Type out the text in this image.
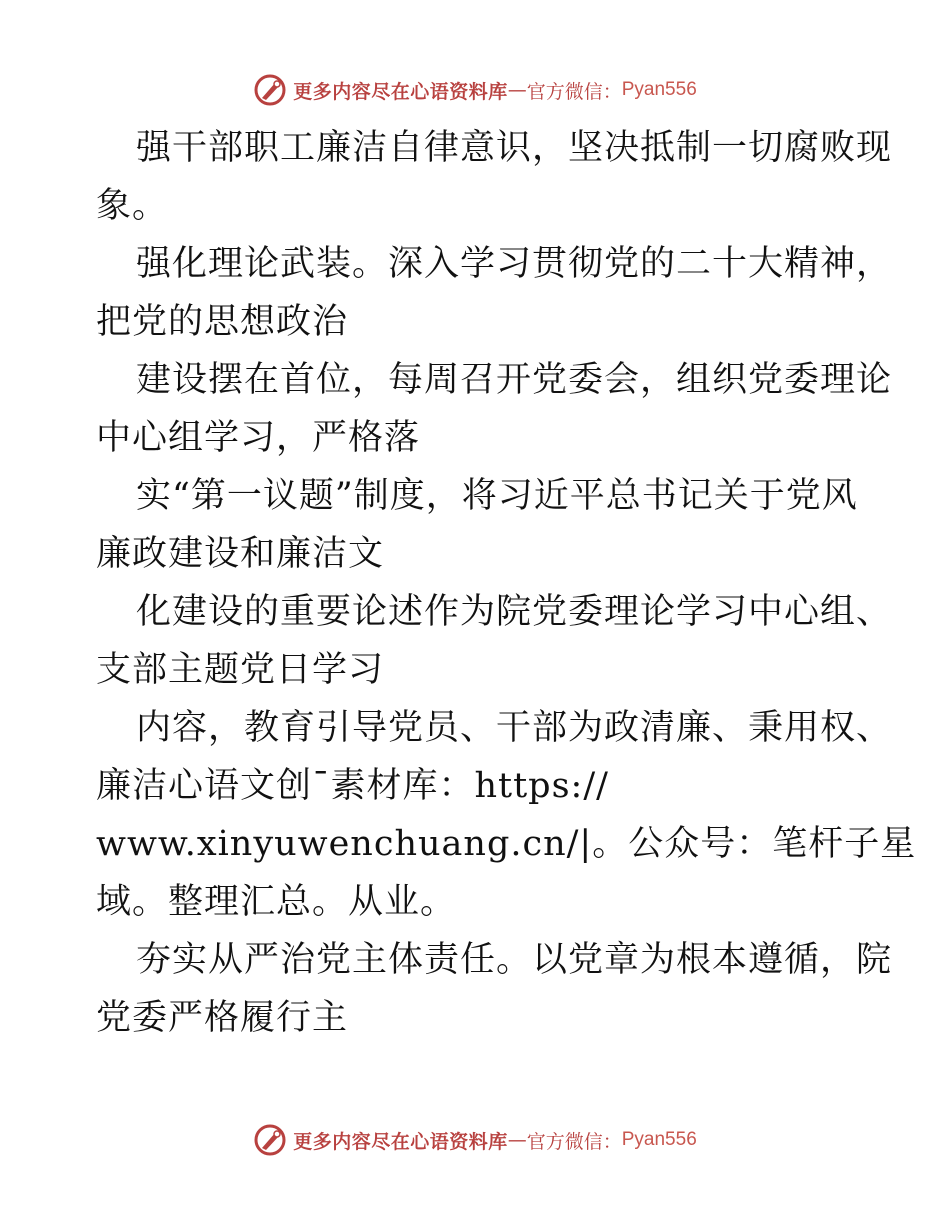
更多内容尽在心语资料库 — 官方微信： Pyan556
强干部职工廉洁自律意识，坚决抵制一切腐败现
象。
强化理论武装。深入学习贯彻党的二十大精神，
把党的思想政治
建设摆在首位，每周召开党委会，组织党委理论
中心组学习，严格落
实“第一议题”制度，将习近平总书记关于党风
廉政建设和廉洁文
化建设的重要论述作为院党委理论学习中心组、
支部主题党日学习
内容，教育引导党员、干部为政清廉、秉用权、
廉洁心语文创¯素材库：https://
www.xinyuwenchuang.cn/|。公众号：笔杆子星
域。整理汇总。从业。
夯实从严治党主体责任。以党章为根本遵循，院
党委严格履行主
更多内容尽在心语资料库 — 官方微信： Pyan556
